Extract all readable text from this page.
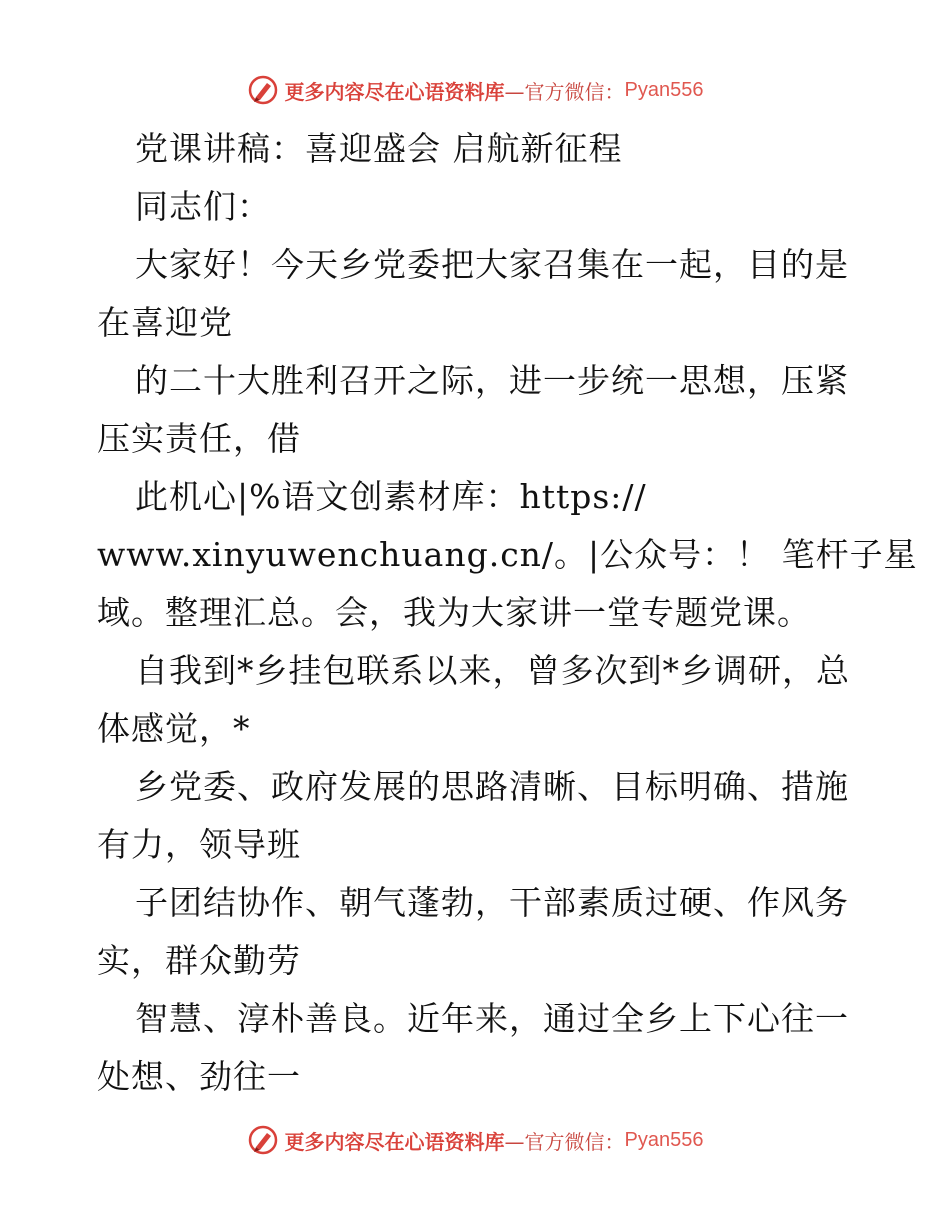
更多内容尽在心语资料库 —官方微信： Pyan556
党课讲稿：喜迎盛会 启航新征程
同志们：
大家好！今天乡党委把大家召集在一起，目的是
在喜迎党
的二十大胜利召开之际，进一步统一思想，压紧
压实责任，借
此机心|%语文创素材库：https://
www.xinyuwenchuang.cn/。|公众号：！ 笔杆子星
域。整理汇总。会，我为大家讲一堂专题党课。
自我到*乡挂包联系以来，曾多次到*乡调研，总
体感觉，*
乡党委、政府发展的思路清晰、目标明确、措施
有力，领导班
子团结协作、朝气蓬勃，干部素质过硬、作风务
实，群众勤劳
智慧、淳朴善良。近年来，通过全乡上下心往一
处想、劲往一
更多内容尽在心语资料库 —官方微信： Pyan556
